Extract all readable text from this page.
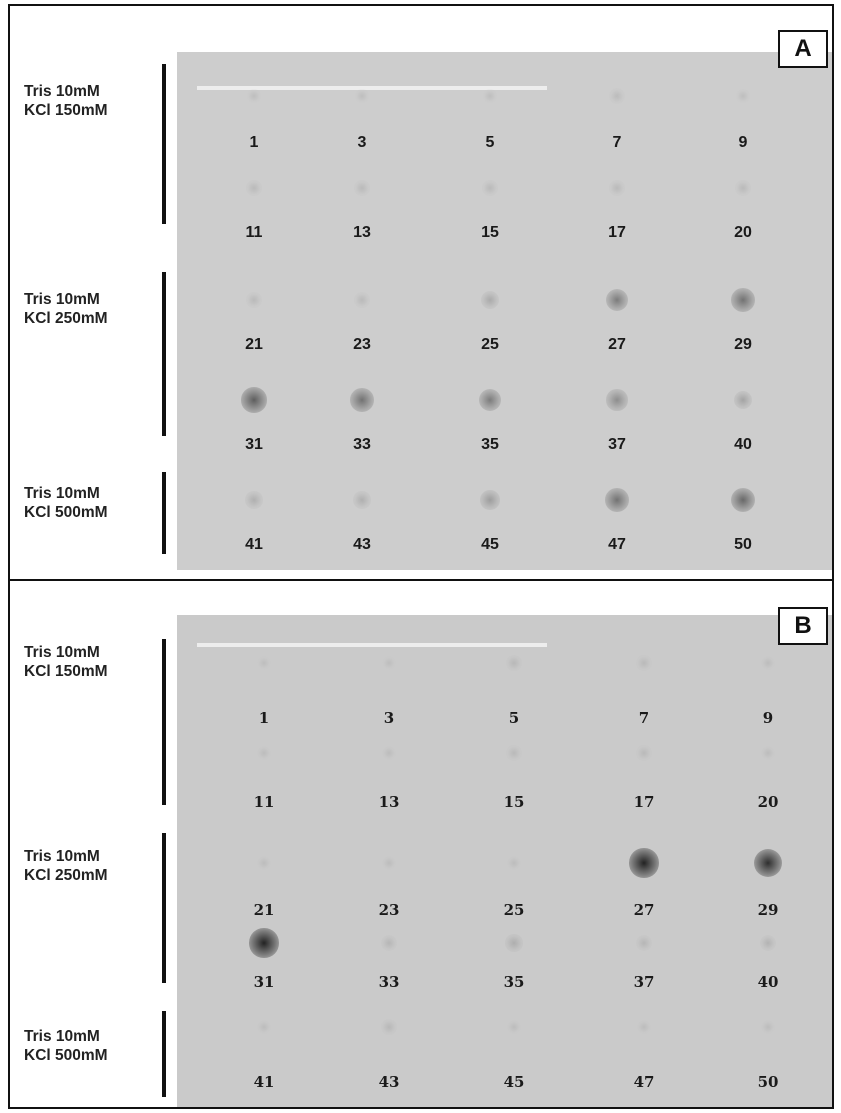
Tris 10mM
KCl 150mM
Tris 10mM
KCl 250mM
Tris 10mM
KCl 500mM
A
1	3	5	7	9
11	13	15	17	20
21	23	25	27	29
31	33	35	37	40
41	43	45	47	50
Tris 10mM
KCl 150mM
Tris 10mM
KCl 250mM
Tris 10mM
KCl 500mM
B
1	3	5	7	9
11	13	15	17	20
21	23	25	27	29
31	33	35	37	40
41	43	45	47	50
